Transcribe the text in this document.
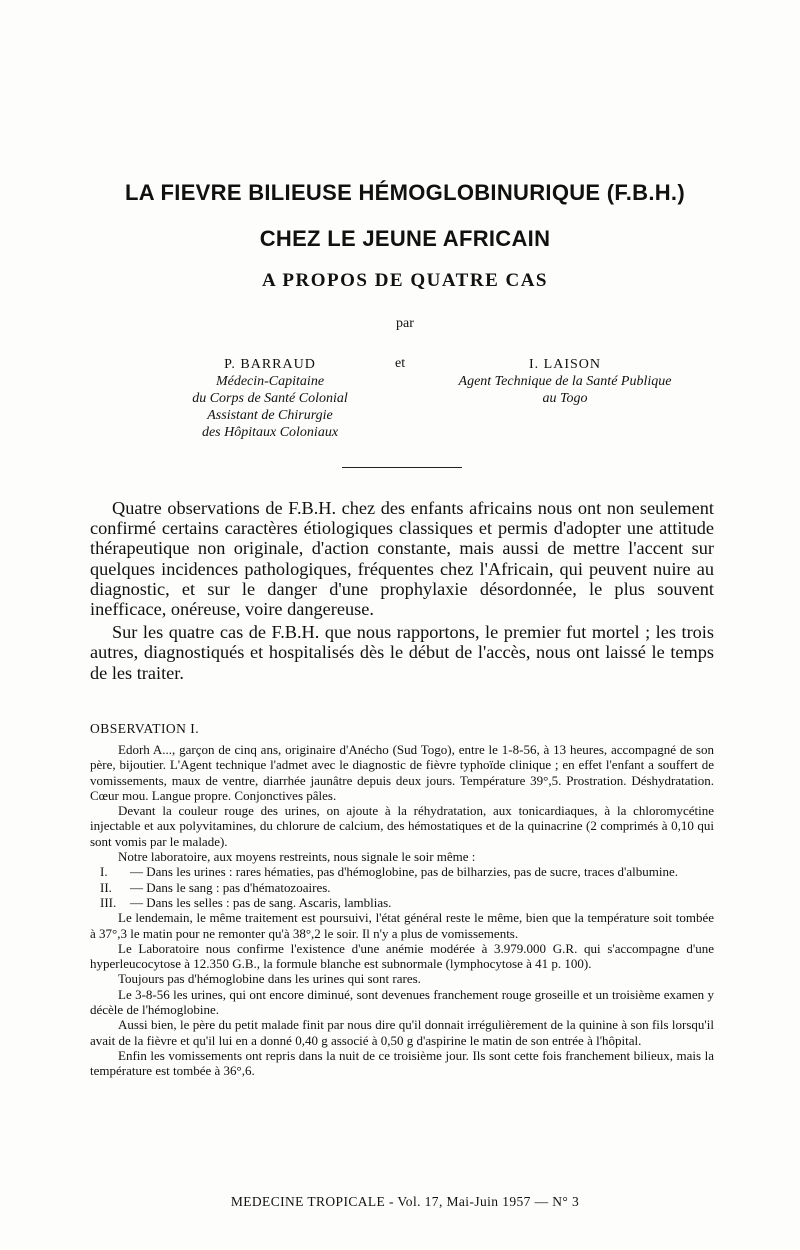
LA FIEVRE BILIEUSE HÉMOGLOBINURIQUE (F.B.H.)
CHEZ LE JEUNE AFRICAIN
A PROPOS DE QUATRE CAS
par
P. BARRAUD
Médecin-Capitaine
du Corps de Santé Colonial
Assistant de Chirurgie
des Hôpitaux Coloniaux
et	I. LAISON
Agent Technique de la Santé Publique
au Togo

Quatre observations de F.B.H. chez des enfants africains nous ont non seulement confirmé certains caractères étiologiques classiques et permis d'adopter une attitude thérapeutique non originale, d'action constante, mais aussi de mettre l'accent sur quelques incidences pathologiques, fréquentes chez l'Africain, qui peuvent nuire au diagnostic, et sur le danger d'une prophylaxie désordonnée, le plus souvent inefficace, onéreuse, voire dangereuse.

Sur les quatre cas de F.B.H. que nous rapportons, le premier fut mortel ; les trois autres, diagnostiqués et hospitalisés dès le début de l'accès, nous ont laissé le temps de les traiter.

OBSERVATION I.

Edorh A..., garçon de cinq ans, originaire d'Anécho (Sud Togo), entre le 1-8-56, à 13 heures, accompagné de son père, bijoutier. L'Agent technique l'admet avec le diagnostic de fièvre typhoïde clinique ; en effet l'enfant a souffert de vomissements, maux de ventre, diarrhée jaunâtre depuis deux jours. Température 39°,5. Prostration. Déshydratation. Cœur mou. Langue propre. Conjonctives pâles.

Devant la couleur rouge des urines, on ajoute à la réhydratation, aux tonicardiaques, à la chloromycétine injectable et aux polyvitamines, du chlorure de calcium, des hémostatiques et de la quinacrine (2 comprimés à 0,10 qui sont vomis par le malade).

Notre laboratoire, aux moyens restreints, nous signale le soir même :

I.	— Dans les urines : rares hématies, pas d'hémoglobine, pas de bilharzies, pas de sucre, traces d'albumine.
II.	— Dans le sang : pas d'hématozoaires.
III.	— Dans les selles : pas de sang. Ascaris, lamblias.

Le lendemain, le même traitement est poursuivi, l'état général reste le même, bien que la température soit tombée à 37°,3 le matin pour ne remonter qu'à 38°,2 le soir. Il n'y a plus de vomissements.

Le Laboratoire nous confirme l'existence d'une anémie modérée à 3.979.000 G.R. qui s'accompagne d'une hyperleucocytose à 12.350 G.B., la formule blanche est subnormale (lymphocytose à 41 p. 100).

Toujours pas d'hémoglobine dans les urines qui sont rares.

Le 3-8-56 les urines, qui ont encore diminué, sont devenues franchement rouge groseille et un troisième examen y décèle de l'hémoglobine.

Aussi bien, le père du petit malade finit par nous dire qu'il donnait irrégulièrement de la quinine à son fils lorsqu'il avait de la fièvre et qu'il lui en a donné 0,40 g associé à 0,50 g d'aspirine le matin de son entrée à l'hôpital.

Enfin les vomissements ont repris dans la nuit de ce troisième jour. Ils sont cette fois franchement bilieux, mais la température est tombée à 36°,6.

MEDECINE TROPICALE - Vol. 17, Mai-Juin 1957 — N° 3
